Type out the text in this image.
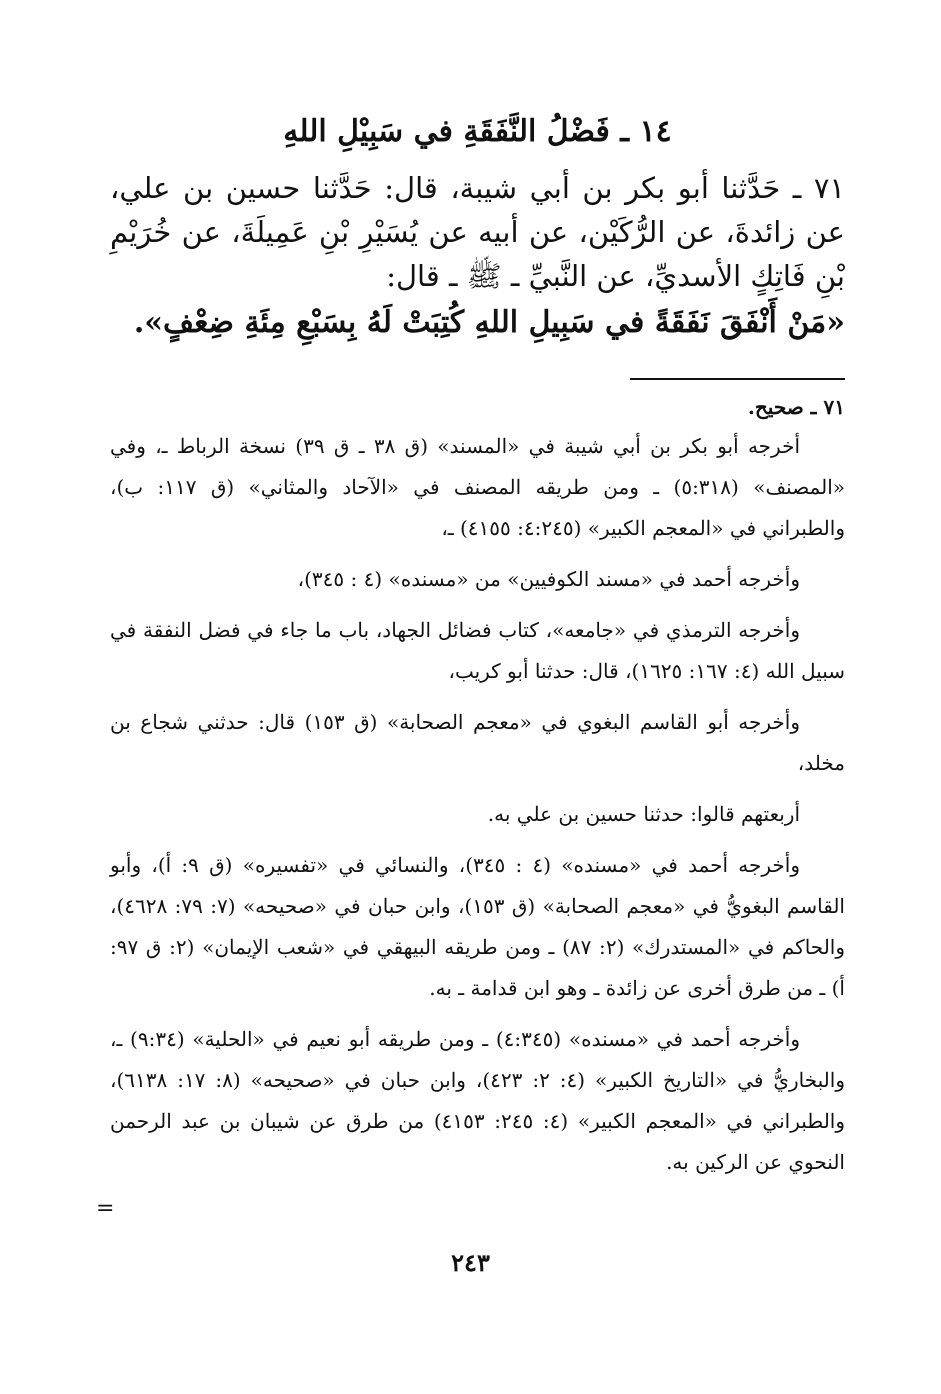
١٤ ـ فَضْلُ النَّفَقَةِ في سَبِيْلِ اللهِ

٧١ ـ حَدَّثنا أبو بكر بن أبي شيبة، قال: حَدَّثنا حسين بن علي، عن زائدةَ، عن الرُّكَيْن، عن أبيه عن يُسَيْرِ بْنِ عَمِيلَةَ، عن خُرَيْمِ بْنِ فَاتِكٍ الأسديِّ، عن النَّبيِّ ـ ﷺ ـ قال:

«مَنْ أَنْفَقَ نَفَقَةً في سَبِيلِ اللهِ كُتِبَتْ لَهُ بِسَبْعِ مِئَةِ ضِعْفٍ».

٧١ ـ صحيح.

أخرجه أبو بكر بن أبي شيبة في «المسند» (ق ٣٨ ـ ق ٣٩) نسخة الرباط ـ، وفي «المصنف» (٥:٣١٨) ـ ومن طريقه المصنف في «الآحاد والمثاني» (ق ١١٧: ب)، والطبراني في «المعجم الكبير» (٤:٢٤٥: ٤١٥٥) ـ،

وأخرجه أحمد في «مسند الكوفيين» من «مسنده» (٤ : ٣٤٥)،

وأخرجه الترمذي في «جامعه»، كتاب فضائل الجهاد، باب ما جاء في فضل النفقة في سبيل الله (٤: ١٦٧: ١٦٢٥)، قال: حدثنا أبو كريب،

وأخرجه أبو القاسم البغوي في «معجم الصحابة» (ق ١٥٣) قال: حدثني شجاع بن مخلد،

أربعتهم قالوا: حدثنا حسين بن علي به.

وأخرجه أحمد في «مسنده» (٤ : ٣٤٥)، والنسائي في «تفسيره» (ق ٩: أ)، وأبو القاسم البغويُّ في «معجم الصحابة» (ق ١٥٣)، وابن حبان في «صحيحه» (٧: ٧٩: ٤٦٢٨)، والحاكم في «المستدرك» (٢: ٨٧) ـ ومن طريقه البيهقي في «شعب الإيمان» (٢: ق ٩٧: أ) ـ من طرق أخرى عن زائدة ـ وهو ابن قدامة ـ به.

وأخرجه أحمد في «مسنده» (٤:٣٤٥) ـ ومن طريقه أبو نعيم في «الحلية» (٩:٣٤) ـ، والبخاريُّ في «التاريخ الكبير» (٤: ٢: ٤٢٣)، وابن حبان في «صحيحه» (٨: ١٧: ٦١٣٨)، والطبراني في «المعجم الكبير» (٤: ٢٤٥: ٤١٥٣) من طرق عن شيبان بن عبد الرحمن النحوي عن الركين به.

=
٢٤٣
